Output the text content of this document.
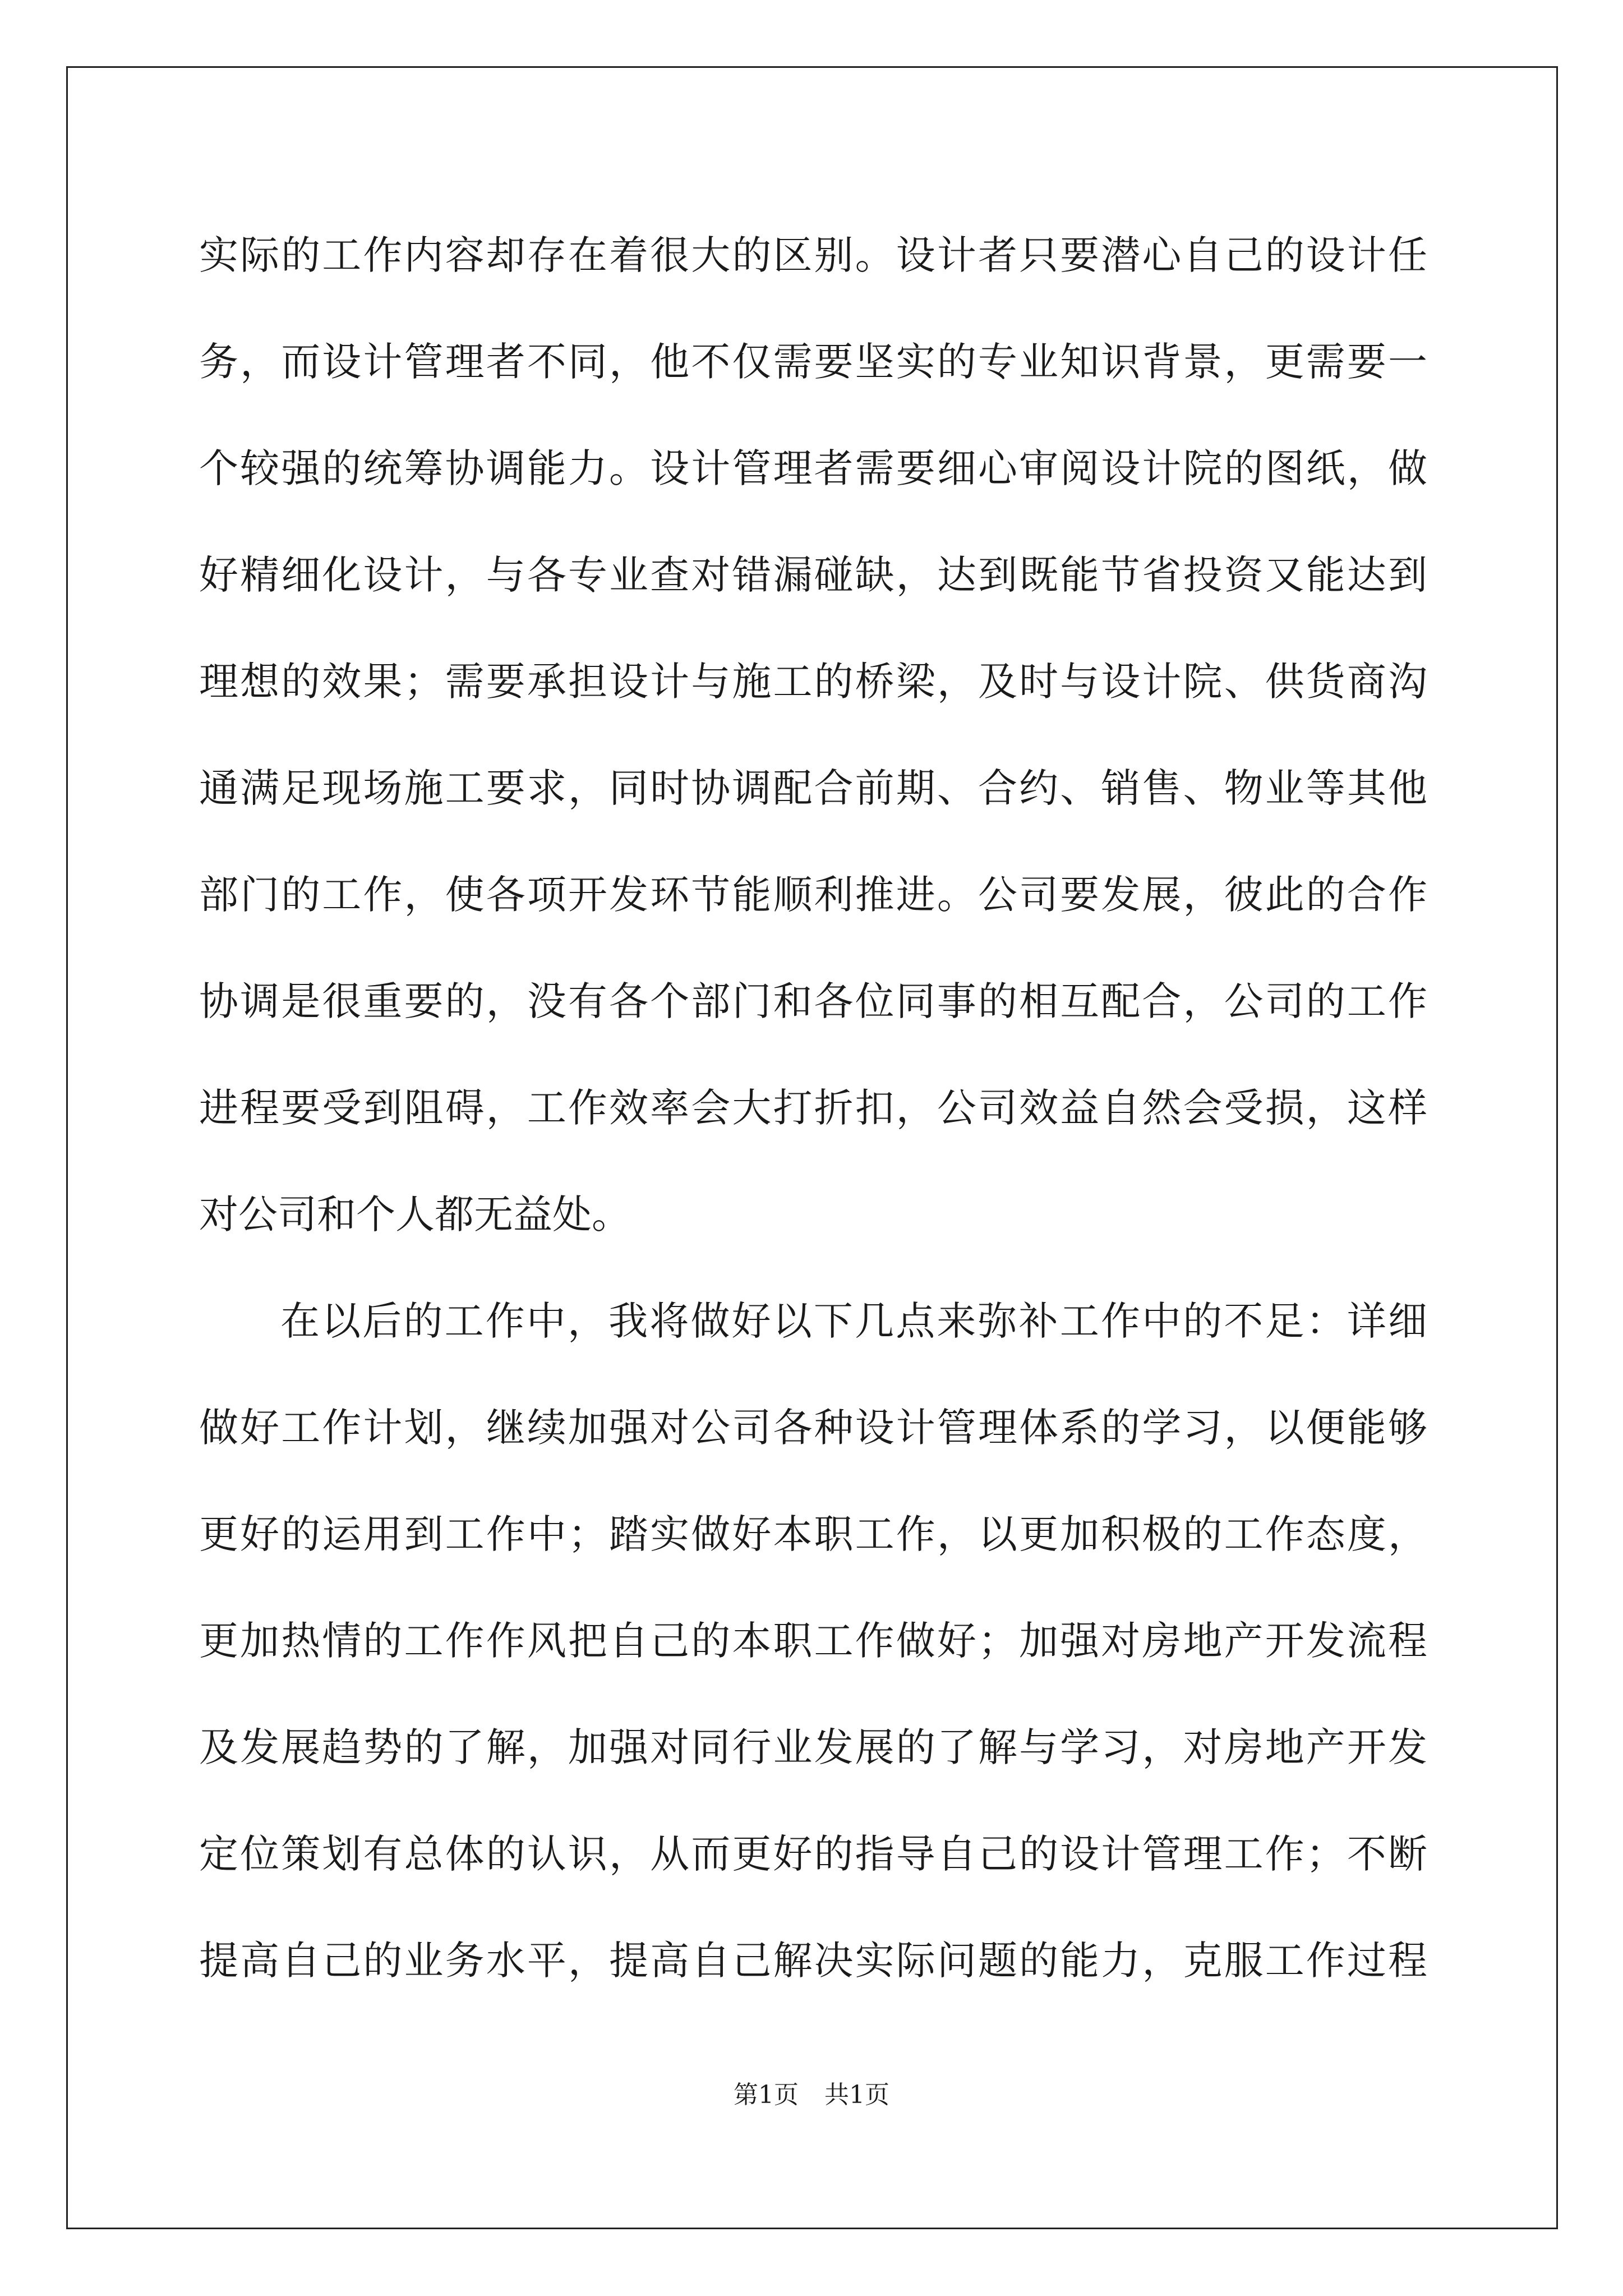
实际的工作内容却存在着很大的区别。设计者只要潜心自己的设计任
务，而设计管理者不同，他不仅需要坚实的专业知识背景，更需要一
个较强的统筹协调能力。设计管理者需要细心审阅设计院的图纸，做
好精细化设计，与各专业查对错漏碰缺，达到既能节省投资又能达到
理想的效果；需要承担设计与施工的桥梁，及时与设计院、供货商沟
通满足现场施工要求，同时协调配合前期、合约、销售、物业等其他
部门的工作，使各项开发环节能顺利推进。公司要发展，彼此的合作
协调是很重要的，没有各个部门和各位同事的相互配合，公司的工作
进程要受到阻碍，工作效率会大打折扣，公司效益自然会受损，这样
对公司和个人都无益处。
在以后的工作中，我将做好以下几点来弥补工作中的不足：详细
做好工作计划，继续加强对公司各种设计管理体系的学习，以便能够
更好的运用到工作中；踏实做好本职工作，以更加积极的工作态度，
更加热情的工作作风把自己的本职工作做好；加强对房地产开发流程
及发展趋势的了解，加强对同行业发展的了解与学习，对房地产开发
定位策划有总体的认识，从而更好的指导自己的设计管理工作；不断
提高自己的业务水平，提高自己解决实际问题的能力，克服工作过程
第1页 共1页
